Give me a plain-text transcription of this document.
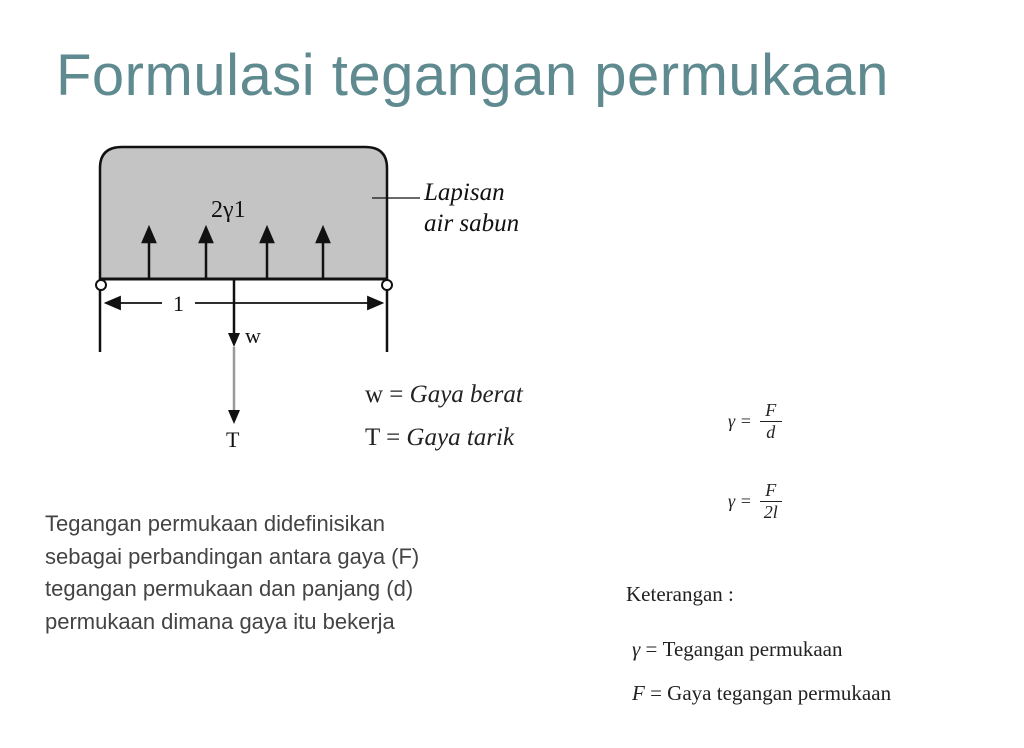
Formulasi tegangan permukaan
2γ1
Lapisan
air sabun
1
w
T
w = Gaya berat
T = Gaya tarik
Tegangan permukaan didefinisikan sebagai perbandingan antara gaya (F) tegangan permukaan dan panjang (d) permukaan dimana gaya itu bekerja
$\gamma = \frac{F}{d}$
$\gamma = \frac{F}{2l}$
Keterangan :
γ = Tegangan permukaan
F = Gaya tegangan permukaan
